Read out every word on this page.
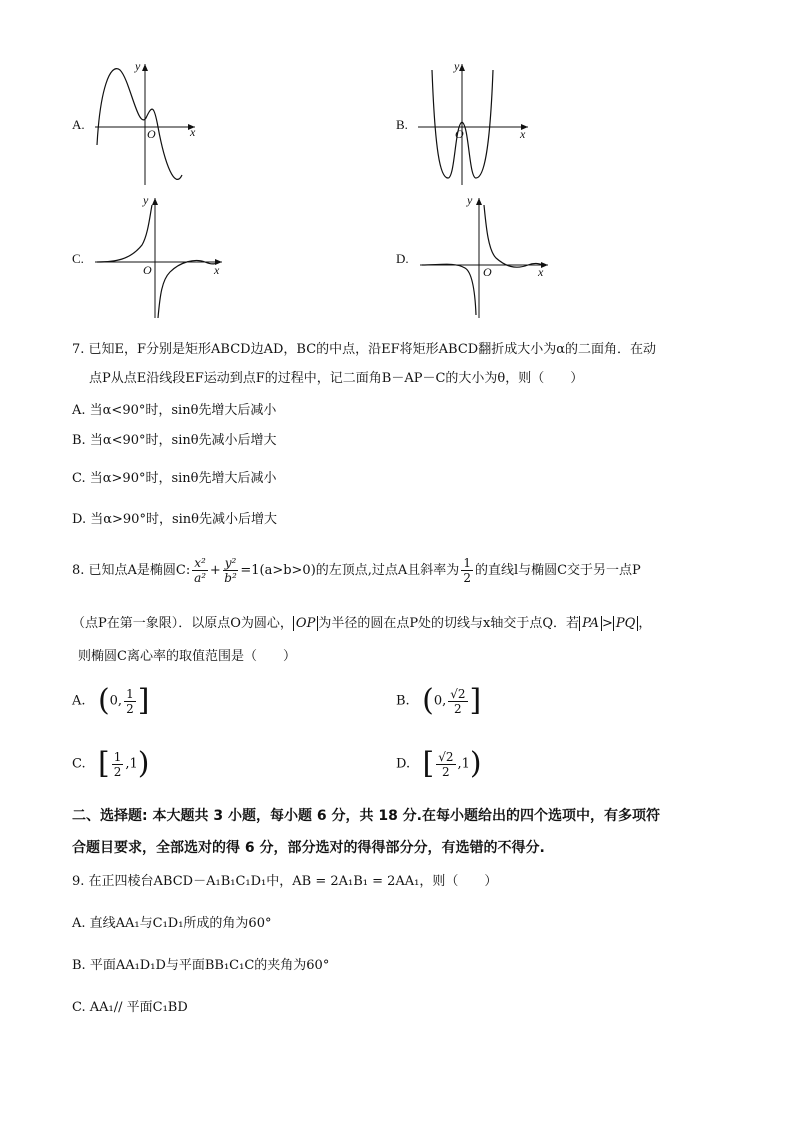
A.
y
x
O
B.
y
x
O
C.
y
x
O
D.
y
x
O
7. 已知E，F分别是矩形ABCD边AD，BC的中点，沿EF将矩形ABCD翻折成大小为α的二面角．在动
点P从点E沿线段EF运动到点F的过程中，记二面角B－AP－C的大小为θ，则（　　）
A. 当α<90°时，sinθ先增大后减小
B. 当α<90°时，sinθ先减小后增大
C. 当α>90°时，sinθ先增大后减小
D. 当α>90°时，sinθ先减小后增大
8. 已知点A是椭圆C: $\frac{\text{x²}}{\text{a²}} + \frac{\text{y²}}{\text{b²}} =1(a>b>0)$的左顶点,过点A且斜率为 $\frac{1}{2}$ 的直线l与椭圆C交于另一点P
（点P在第一象限）．以原点O为圆心， OP 为半径的圆在点P处的切线与x轴交于点Q．若 PA > PQ ，
则椭圆C离心率的取值范围是（　　）
A. (0, $\frac{1}{2}$ ]	B. (0, $\frac{√2}{2}$ ]
C. [ $\frac{1}{2} ,1$)	D. [ $\frac{√2}{2} ,1$)
二、选择题: 本大题共 3 小题，每小题 6 分，共 18 分.在每小题给出的四个选项中，有多项符
合题目要求，全部选对的得 6 分，部分选对的得得部分分，有选错的不得分.
9. 在正四棱台ABCD－A₁B₁C₁D₁中，AB = 2A₁B₁ = 2AA₁，则（　　）
A. 直线AA₁与C₁D₁所成的角为60°
B. 平面AA₁D₁D与平面BB₁C₁C的夹角为60°
C. AA₁// 平面C₁BD
